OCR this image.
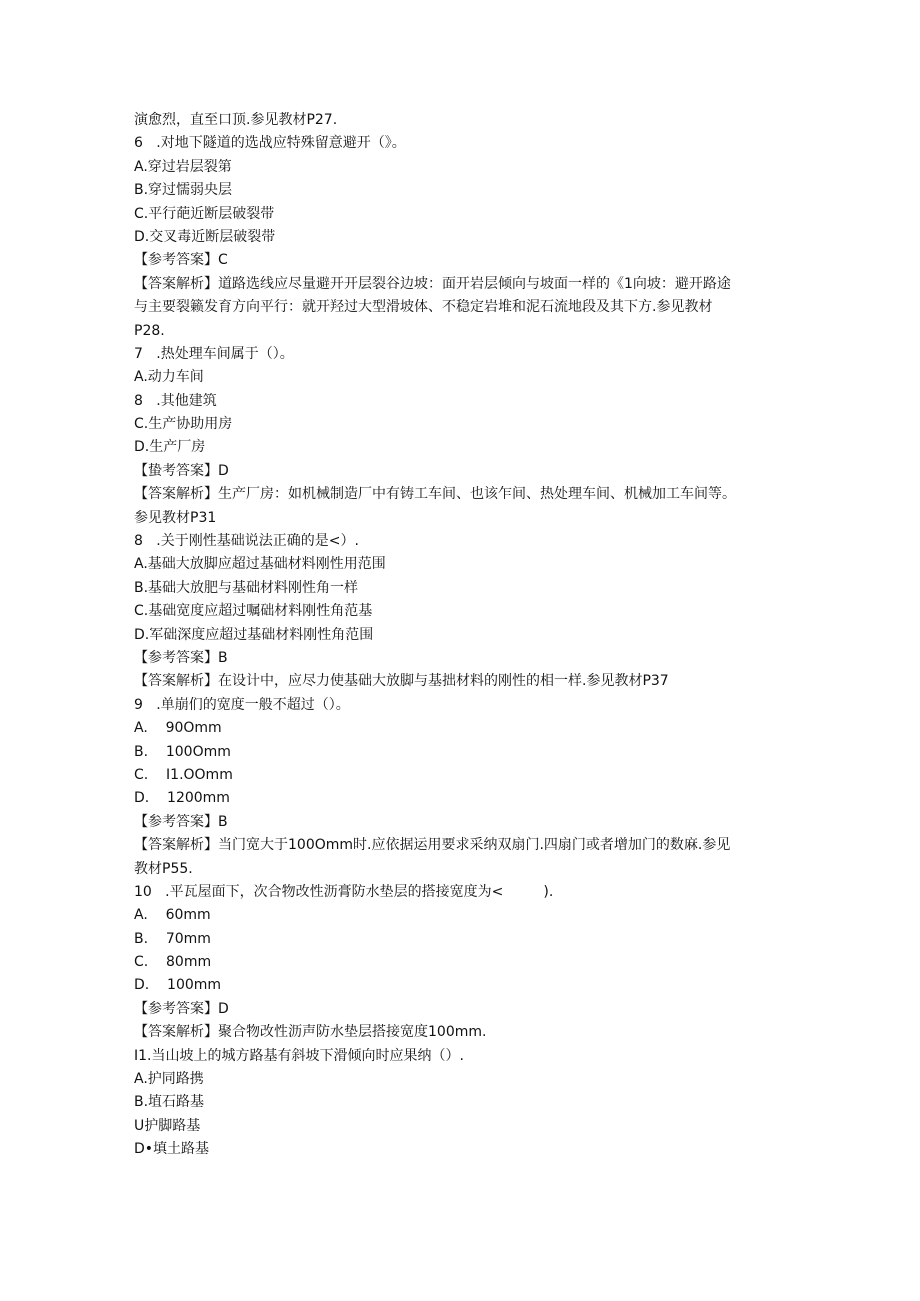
演愈烈，直至口顶.参见教材P27.
6   .对地下隧道的选战应特殊留意避开（》。
A.穿过岩层裂第
B.穿过懦弱央层
C.平行葩近断层破裂带
D.交叉毒近断层破裂带
【参考答案】C
【答案解析】道路选线应尽量避开开层裂谷边坡：面开岩层倾向与坡面一样的《1向坡：避开路途
与主要裂籁发育方向平行：就开羟过大型滑坡体、不稳定岩堆和泥石流地段及其下方.参见教材
P28.
7   .热处理车间属于（）。
A.动力车间
8   .其他建筑
C.生产协助用房
D.生产厂房
【蛰考答案】D
【答案解析】生产厂房：如机械制造厂中有铸工车间、也该乍间、热处理车间、机械加工车间等。
参见教材P31
8   .关于刚性基础说法正确的是<）.
A.基础大放脚应超过基础材料刚性用范围
B.基础大放肥与基础材料刚性角一样
C.基础宽度应超过嘱础材料刚性角范基
D.军础深度应超过基础材料刚性角范围
【参考答案】B
【答案解析】在设计中，应尽力使基础大放脚与基拙材料的刚性的相一样.参见教材P37
9   .单崩们的宽度一般不超过（）。
A.    90Omm
B.    100Omm
C.    I1.OOmm
D.    1200mm
【参考答案】B
【答案解析】当门宽大于100Omm时.应依据运用要求采纳双扇门.四扇门或者增加门的数麻.参见
教材P55.
10   .平瓦屋面下，次合物改性沥膏防水垫层的搭接宽度为<         ).
A.    60mm
B.    70mm
C.    80mm
D.    100mm
【参考答案】D
【答案解析】聚合物改性沥声防水垫层搭接宽度100mm.
I1.当山坡上的城方路基有斜坡下滑倾向时应果纳（）.
A.护同路携
B.埴石路基
U护脚路基
D•填土路基
